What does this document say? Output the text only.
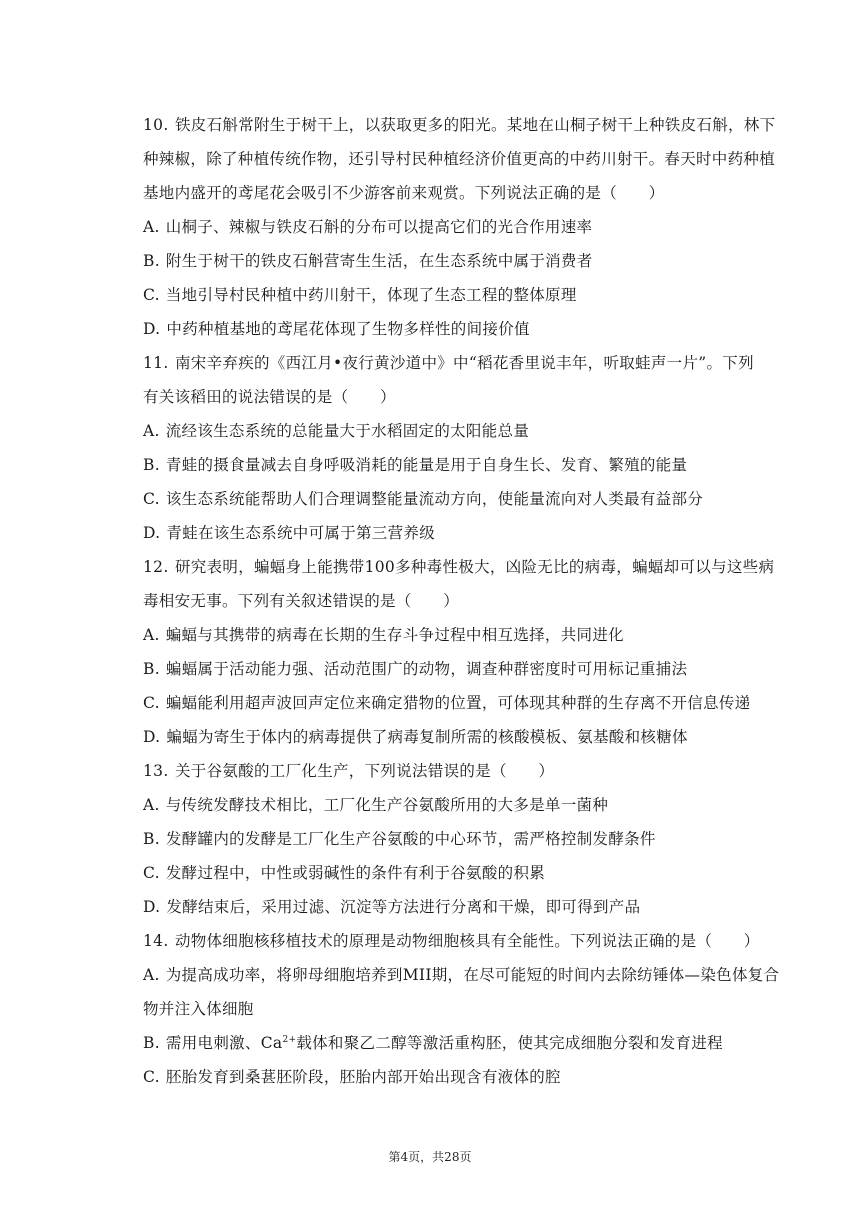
10. 铁皮石斛常附生于树干上，以获取更多的阳光。某地在山桐子树干上种铁皮石斛，林下
种辣椒，除了种植传统作物，还引导村民种植经济价值更高的中药川射干。春天时中药种植
基地内盛开的鸢尾花会吸引不少游客前来观赏。下列说法正确的是（　　）
A. 山桐子、辣椒与铁皮石斛的分布可以提高它们的光合作用速率
B. 附生于树干的铁皮石斛营寄生生活，在生态系统中属于消费者
C. 当地引导村民种植中药川射干，体现了生态工程的整体原理
D. 中药种植基地的鸢尾花体现了生物多样性的间接价值
11. 南宋辛弃疾的《西江月•夜行黄沙道中》中“稻花香里说丰年，听取蛙声一片”。下列
有关该稻田的说法错误的是（　　）
A. 流经该生态系统的总能量大于水稻固定的太阳能总量
B. 青蛙的摄食量减去自身呼吸消耗的能量是用于自身生长、发育、繁殖的能量
C. 该生态系统能帮助人们合理调整能量流动方向，使能量流向对人类最有益部分
D. 青蛙在该生态系统中可属于第三营养级
12. 研究表明，蝙蝠身上能携带100多种毒性极大，凶险无比的病毒，蝙蝠却可以与这些病
毒相安无事。下列有关叙述错误的是（　　）
A. 蝙蝠与其携带的病毒在长期的生存斗争过程中相互选择，共同进化
B. 蝙蝠属于活动能力强、活动范围广的动物，调查种群密度时可用标记重捕法
C. 蝙蝠能利用超声波回声定位来确定猎物的位置，可体现其种群的生存离不开信息传递
D. 蝙蝠为寄生于体内的病毒提供了病毒复制所需的核酸模板、氨基酸和核糖体
13. 关于谷氨酸的工厂化生产，下列说法错误的是（　　）
A. 与传统发酵技术相比，工厂化生产谷氨酸所用的大多是单一菌种
B. 发酵罐内的发酵是工厂化生产谷氨酸的中心环节，需严格控制发酵条件
C. 发酵过程中，中性或弱碱性的条件有利于谷氨酸的积累
D. 发酵结束后，采用过滤、沉淀等方法进行分离和干燥，即可得到产品
14. 动物体细胞核移植技术的原理是动物细胞核具有全能性。下列说法正确的是（　　）
A. 为提高成功率，将卵母细胞培养到MII期，在尽可能短的时间内去除纺锤体—染色体复合
物并注入体细胞
B. 需用电刺激、$Ca^{2+}$载体和聚乙二醇等激活重构胚，使其完成细胞分裂和发育进程
C. 胚胎发育到桑葚胚阶段，胚胎内部开始出现含有液体的腔
第4页，共28页
